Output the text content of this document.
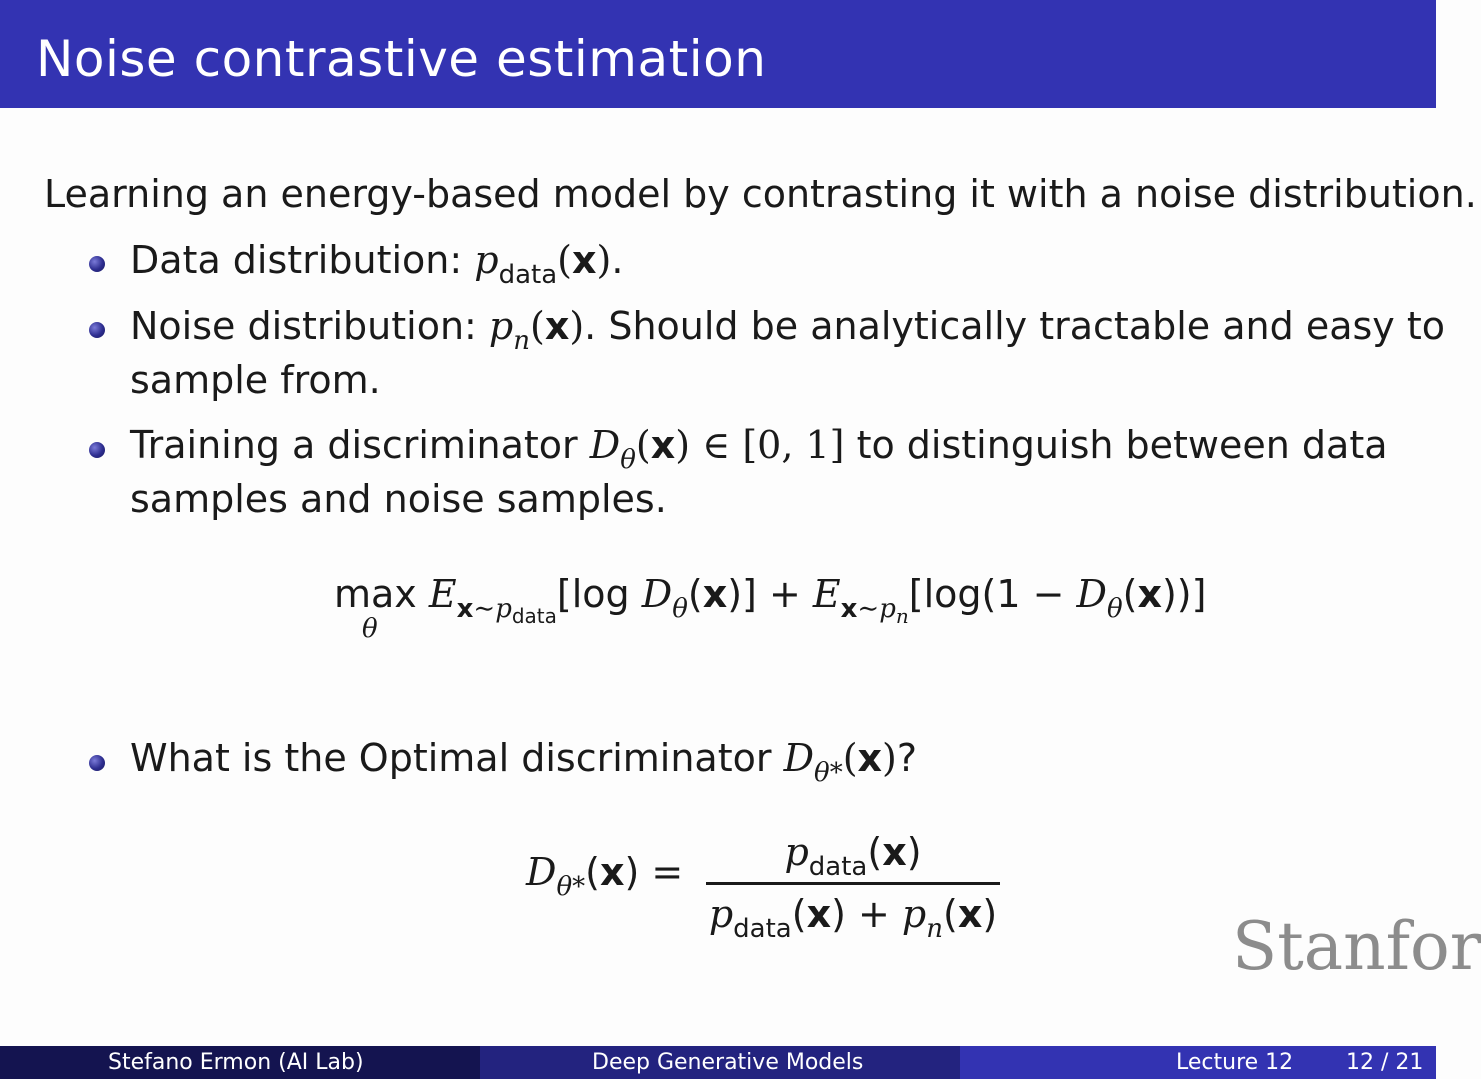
Noise contrastive estimation
Learning an energy-based model by contrasting it with a noise distribution.
Data distribution: $p_{data}(x)$.
Noise distribution: $p_n(x)$. Should be analytically tractable and easy to
sample from.
Training a discriminator $D_\theta(x)$ ∈ [0, 1] to distinguish between data
samples and noise samples.
max
θ
$E_{x\sim p_{data}}[\log$ $D_\theta(x)] + E_{x\sim p_n}[\log(1 - D_\theta(x))]$
What is the Optimal discriminator $D_{\theta*}(x)$?
$D_{\theta*}(x)$ =	$p_{data}(x)$
$p_{data}(x) + p_n(x)$	Stanfor
Stefano Ermon (AI Lab)	Deep Generative Models	Lecture 12 12 / 21
